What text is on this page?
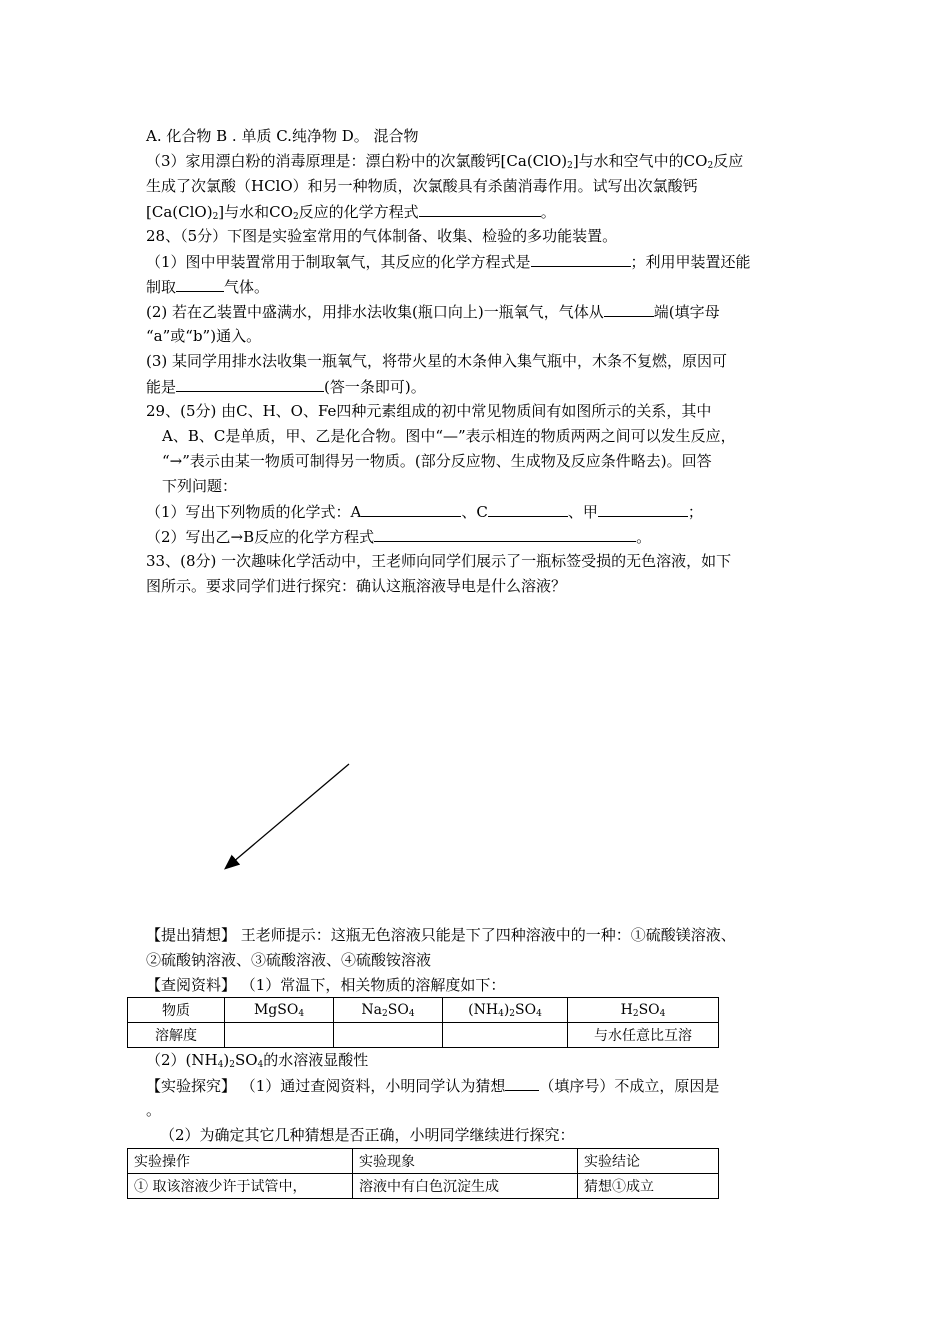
A. 化合物 B . 单质 C.纯净物 D。 混合物
（3）家用漂白粉的消毒原理是：漂白粉中的次氯酸钙$[Ca(ClO)_2]$与水和空气中的$CO_2$反应
生成了次氯酸（HClO）和另一种物质，次氯酸具有杀菌消毒作用。试写出次氯酸钙
$[Ca(ClO)_2]$与水和$CO_2$反应的化学方程式	。
28、（5分）下图是实验室常用的气体制备、收集、检验的多功能装置。
（1）图中甲装置常用于制取氧气，其反应的化学方程式是	；利用甲装置还能
制取	气体。
(2) 若在乙装置中盛满水，用排水法收集(瓶口向上)一瓶氧气，气体从	端(填字母
“a”或“b”)通入。
(3) 某同学用排水法收集一瓶氧气，将带火星的木条伸入集气瓶中，木条不复燃，原因可
能是	(答一条即可)。
29、(5分) 由C、H、O、Fe四种元素组成的初中常见物质间有如图所示的关系，其中
A、B、C是单质，甲、乙是化合物。图中“—”表示相连的物质两两之间可以发生反应，
“→”表示由某一物质可制得另一物质。(部分反应物、生成物及反应条件略去)。回答
下列问题：
（1）写出下列物质的化学式：A	、C	、甲	；
（2）写出乙→B反应的化学方程式	。
33、(8分) 一次趣味化学活动中，王老师向同学们展示了一瓶标签受损的无色溶液，如下
图所示。要求同学们进行探究：确认这瓶溶液导电是什么溶液？
【提出猜想】 王老师提示：这瓶无色溶液只能是下了四种溶液中的一种：①硫酸镁溶液、
②硫酸钠溶液、③硫酸溶液、④硫酸铵溶液
【查阅资料】 （1）常温下，相关物质的溶解度如下：
物质	MgSO$_4$	$Na_2SO_4$	$(NH_4)_2SO_4$	$H_2SO_4$
溶解度				与水任意比互溶
$(2)(NH_4)_2SO_4$的水溶液显酸性
【实验探究】 （1）通过查阅资料，小明同学认为猜想 （填序号）不成立，原因是
。
（2）为确定其它几种猜想是否正确，小明同学继续进行探究：
实验操作	实验现象	实验结论
① 取该溶液少许于试管中，	溶液中有白色沉淀生成	猜想①成立
